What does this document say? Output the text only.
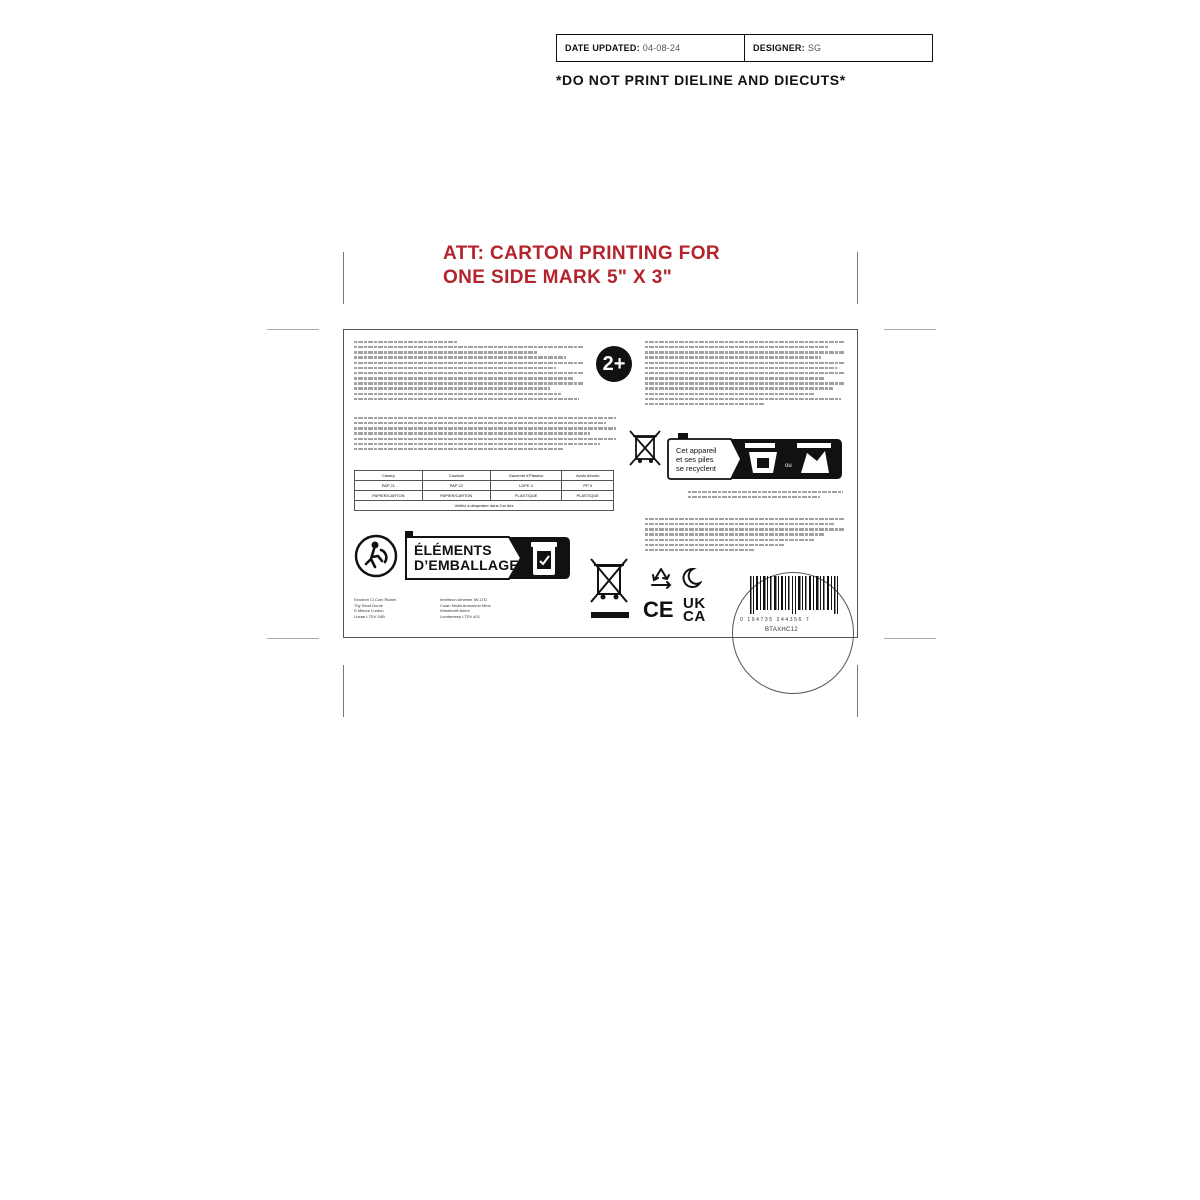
DATE UPDATED: 04-08-24	DESIGNER: SG
*DO NOT PRINT DIELINE AND DIECUTS*
ATT: CARTON PRINTING FOR
ONE SIDE MARK 5" X 3"
2+
Carstry	Coudval	Gacemét d’Plastico	Avulo Alnorio
PAP 21	PAP 22	LDPE 4	PP 5
PAPIER/CARTON	PAPIER/CARTON	PLASTIQUE	PLASTIQUE
Veillez à despratrer dans l’un des			
ÉLÉMENTS
D’EMBALLAGE
Cet appareil
et ses piles
se recyclent	ou
CE UK
CA
Eeodem Ci Cum Ridam
Thy Stoot Dunre
S Minore Lurdon
Lueae L7DV S4B
Imetheon Amerine IW-LTD
Culan Ntuila Amoonmo Mins
Wirsetnvilt Anem
Londemeep LTDV 401
0 194735 244356 7
BTAXHC12
